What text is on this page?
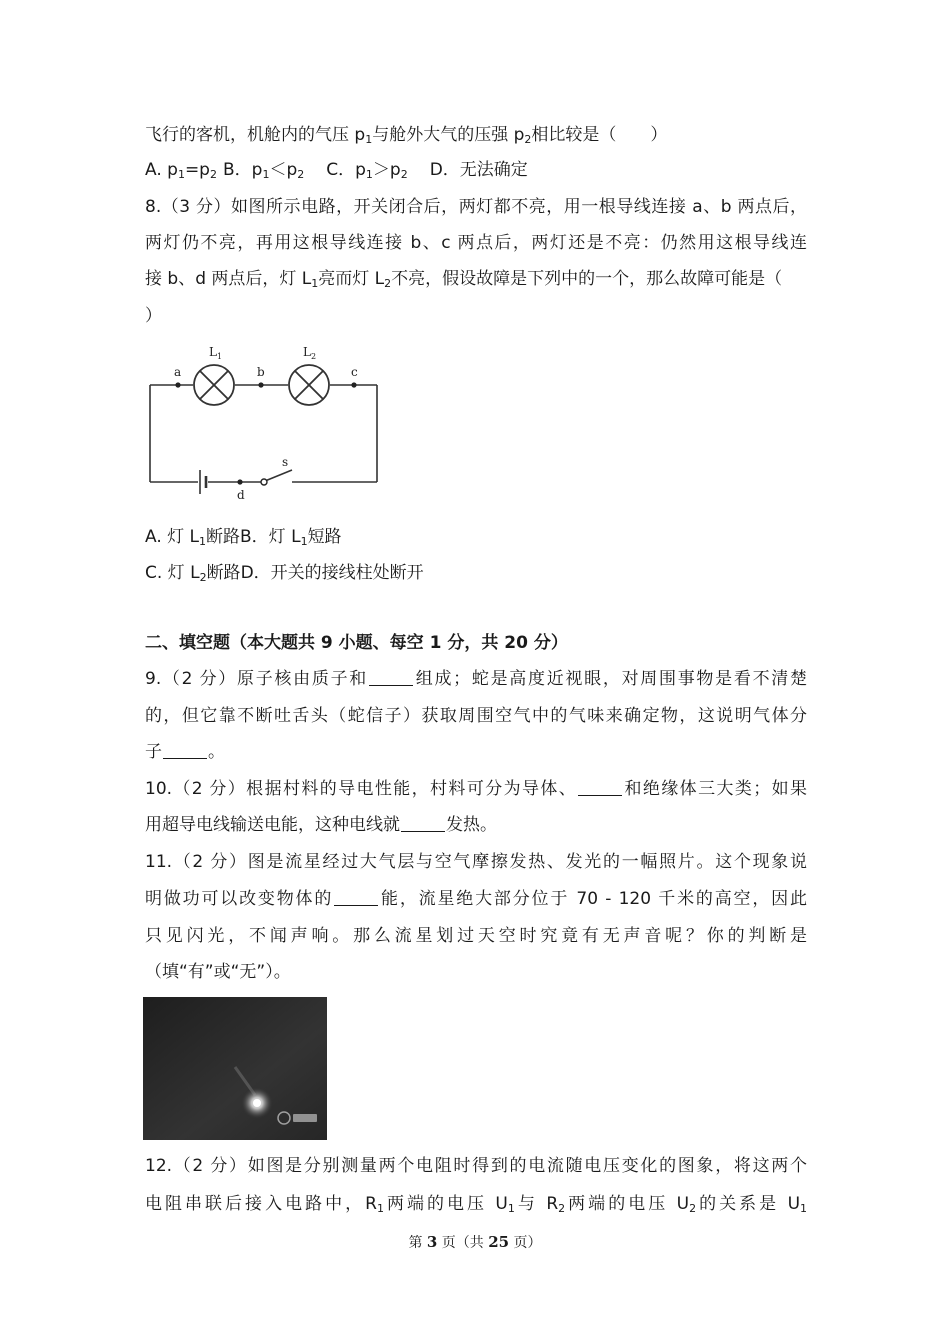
飞行的客机，机舱内的气压 $p_1$与舱外大气的压强 $p_2$相比较是（　　）
A. $p_1=p_2$ B．$p_1<p_2$ C．$p_1>p_2$ D．无法确定
8.（3 分）如图所示电路，开关闭合后，两灯都不亮，用一根导线连接 a、b 两点后，
两灯仍不亮，再用这根导线连接 b、c 两点后，两灯还是不亮：仍然用这根导线连
接 b、d 两点后，灯 $L_1$亮而灯 $L_2$不亮，假设故障是下列中的一个，那么故障可能是（
）
a	b	c
d
s
$L_1$	$L_2$
A. 灯 $L_1$断路B．灯 $L_1$短路
C. 灯 $L_2$断路D．开关的接线柱处断开
二、填空题（本大题共 9 小题、每空 1 分，共 20 分）
9.（2 分）原子核由质子和	组成；蛇是高度近视眼，对周围事物是看不清楚
的，但它靠不断吐舌头（蛇信子）获取周围空气中的气味来确定物，这说明气体分
子	。
10.（2 分）根据村料的导电性能，村料可分为导体、	和绝缘体三大类；如果
用超导电线输送电能，这种电线就	发热。
11.（2 分）图是流星经过大气层与空气摩擦发热、发光的一幅照片。这个现象说
明做功可以改变物体的	能，流星绝大部分位于 70 - 120 千米的高空，因此
只见闪光，不闻声响。那么流星划过天空时究竟有无声音呢？你的判断是
（填“有”或“无”）。
12.（2 分）如图是分别测量两个电阻时得到的电流随电压变化的图象，将这两个
电阻串联后接入电路中，$R_1$两端的电压 $U_1$与 $R_2$两端的电压 $U_2$的关系是 $U_1$
第 3 页（共 25 页）
